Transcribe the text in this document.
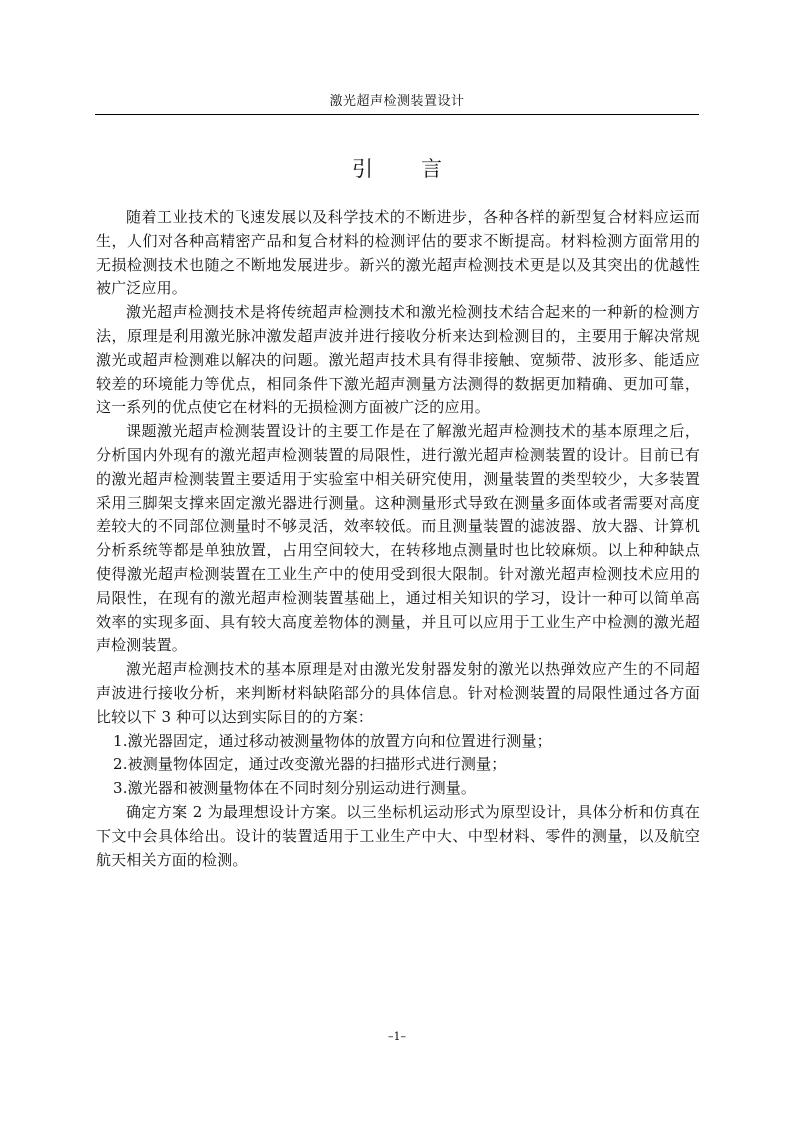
激光超声检测装置设计
引 言

随着工业技术的飞速发展以及科学技术的不断进步，各种各样的新型复合材料应运而生，人们对各种高精密产品和复合材料的检测评估的要求不断提高。材料检测方面常用的无损检测技术也随之不断地发展进步。新兴的激光超声检测技术更是以及其突出的优越性被广泛应用。

激光超声检测技术是将传统超声检测技术和激光检测技术结合起来的一种新的检测方法，原理是利用激光脉冲激发超声波并进行接收分析来达到检测目的，主要用于解决常规激光或超声检测难以解决的问题。激光超声技术具有得非接触、宽频带、波形多、能适应较差的环境能力等优点，相同条件下激光超声测量方法测得的数据更加精确、更加可靠，这一系列的优点使它在材料的无损检测方面被广泛的应用。

课题激光超声检测装置设计的主要工作是在了解激光超声检测技术的基本原理之后，分析国内外现有的激光超声检测装置的局限性，进行激光超声检测装置的设计。目前已有的激光超声检测装置主要适用于实验室中相关研究使用，测量装置的类型较少，大多装置采用三脚架支撑来固定激光器进行测量。这种测量形式导致在测量多面体或者需要对高度差较大的不同部位测量时不够灵活，效率较低。而且测量装置的滤波器、放大器、计算机分析系统等都是单独放置，占用空间较大，在转移地点测量时也比较麻烦。以上种种缺点使得激光超声检测装置在工业生产中的使用受到很大限制。针对激光超声检测技术应用的局限性，在现有的激光超声检测装置基础上，通过相关知识的学习，设计一种可以简单高效率的实现多面、具有较大高度差物体的测量，并且可以应用于工业生产中检测的激光超声检测装置。

激光超声检测技术的基本原理是对由激光发射器发射的激光以热弹效应产生的不同超声波进行接收分析，来判断材料缺陷部分的具体信息。针对检测装置的局限性通过各方面比较以下 3 种可以达到实际目的的方案：

1.激光器固定，通过移动被测量物体的放置方向和位置进行测量；

2.被测量物体固定，通过改变激光器的扫描形式进行测量；

3.激光器和被测量物体在不同时刻分别运动进行测量。

确定方案 2 为最理想设计方案。以三坐标机运动形式为原型设计，具体分析和仿真在下文中会具体给出。设计的装置适用于工业生产中大、中型材料、零件的测量，以及航空航天相关方面的检测。

–1–
